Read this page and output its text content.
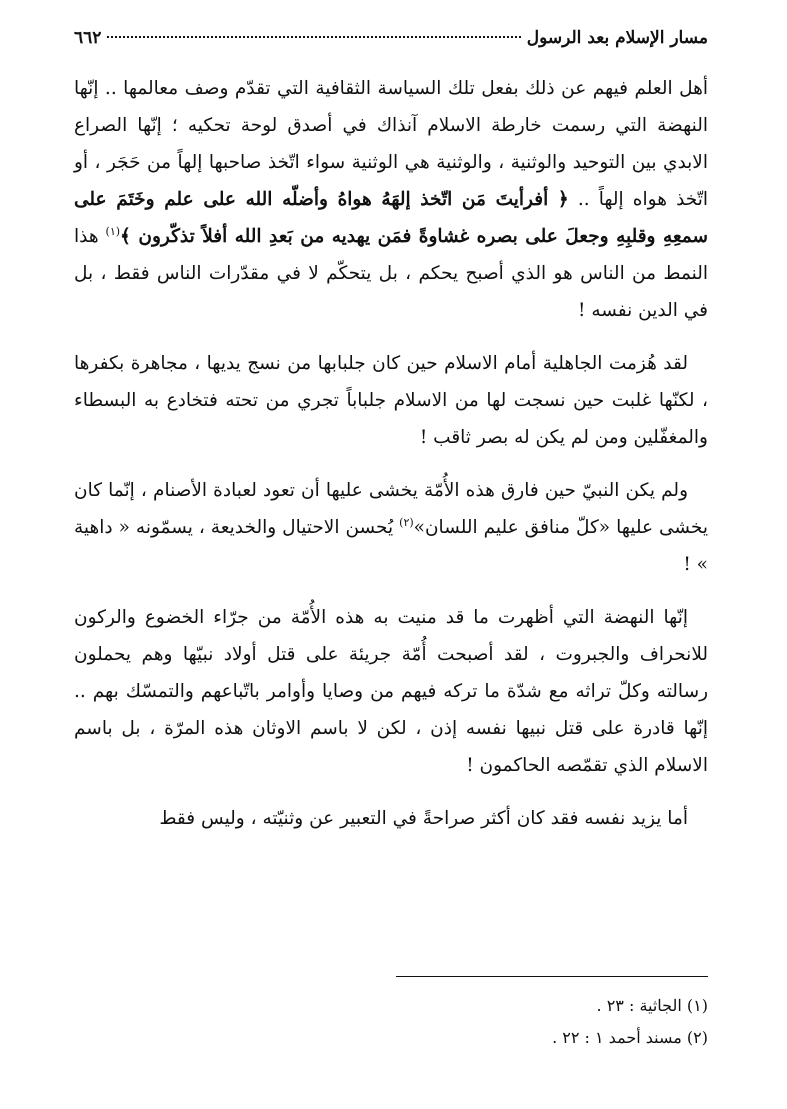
مسار الإسلام بعد الرسول
٦٦٢

أهل العلم فيهم عن ذلك بفعل تلك السياسة الثقافية التي تقدّم وصف معالمها .. إنّها النهضة التي رسمت خارطة الاسلام آنذاك في أصدق لوحة تحكيه ؛ إنّها الصراع الابدي بين التوحيد والوثنية ، والوثنية هي الوثنية سواء اتّخذ صاحبها إلهاً من حَجَر ، أو اتّخذ هواه إلهاً .. ﴿ أفرأيتَ مَن اتّخذ إلهَهُ هواهُ وأضلّه الله على علم وخَتَمَ على سمعِهِ وقلبِهِ وجعلَ على بصره غشاوةً فمَن يهديه من بَعدِ الله أفلاً تذكّرون ﴾$^{(١)}$ هذا النمط من الناس هو الذي أصبح يحكم ، بل يتحكّم لا في مقدّرات الناس فقط ، بل في الدين نفسه !

لقد هُزمت الجاهلية أمام الاسلام حين كان جلبابها من نسج يديها ، مجاهرة بكفرها ، لكنّها غلبت حين نسجت لها من الاسلام جلباباً تجري من تحته فتخادع به البسطاء والمغفّلين ومن لم يكن له بصر ثاقب !

ولم يكن النبيّ حين فارق هذه الأُمّة يخشى عليها أن تعود لعبادة الأصنام ، إنّما كان يخشى عليها «كلّ منافق عليم اللسان»$^{(٢)}$ يُحسن الاحتيال والخديعة ، يسمّونه « داهية » !

إنّها النهضة التي أظهرت ما قد منيت به هذه الأُمّة من جرّاء الخضوع والركون للانحراف والجبروت ، لقد أصبحت أُمّة جريئة على قتل أولاد نبيّها وهم يحملون رسالته وكلّ تراثه مع شدّة ما تركه فيهم من وصايا وأوامر باتّباعهم والتمسّك بهم .. إنّها قادرة على قتل نبيها نفسه إذن ، لكن لا باسم الاوثان هذه المرّة ، بل باسم الاسلام الذي تقمّصه الحاكمون !

أما يزيد نفسه فقد كان أكثر صراحةً في التعبير عن وثنيّته ، وليس فقط

(١) الجاثية : ٢٣ .
(٢) مسند أحمد ١ : ٢٢ .
